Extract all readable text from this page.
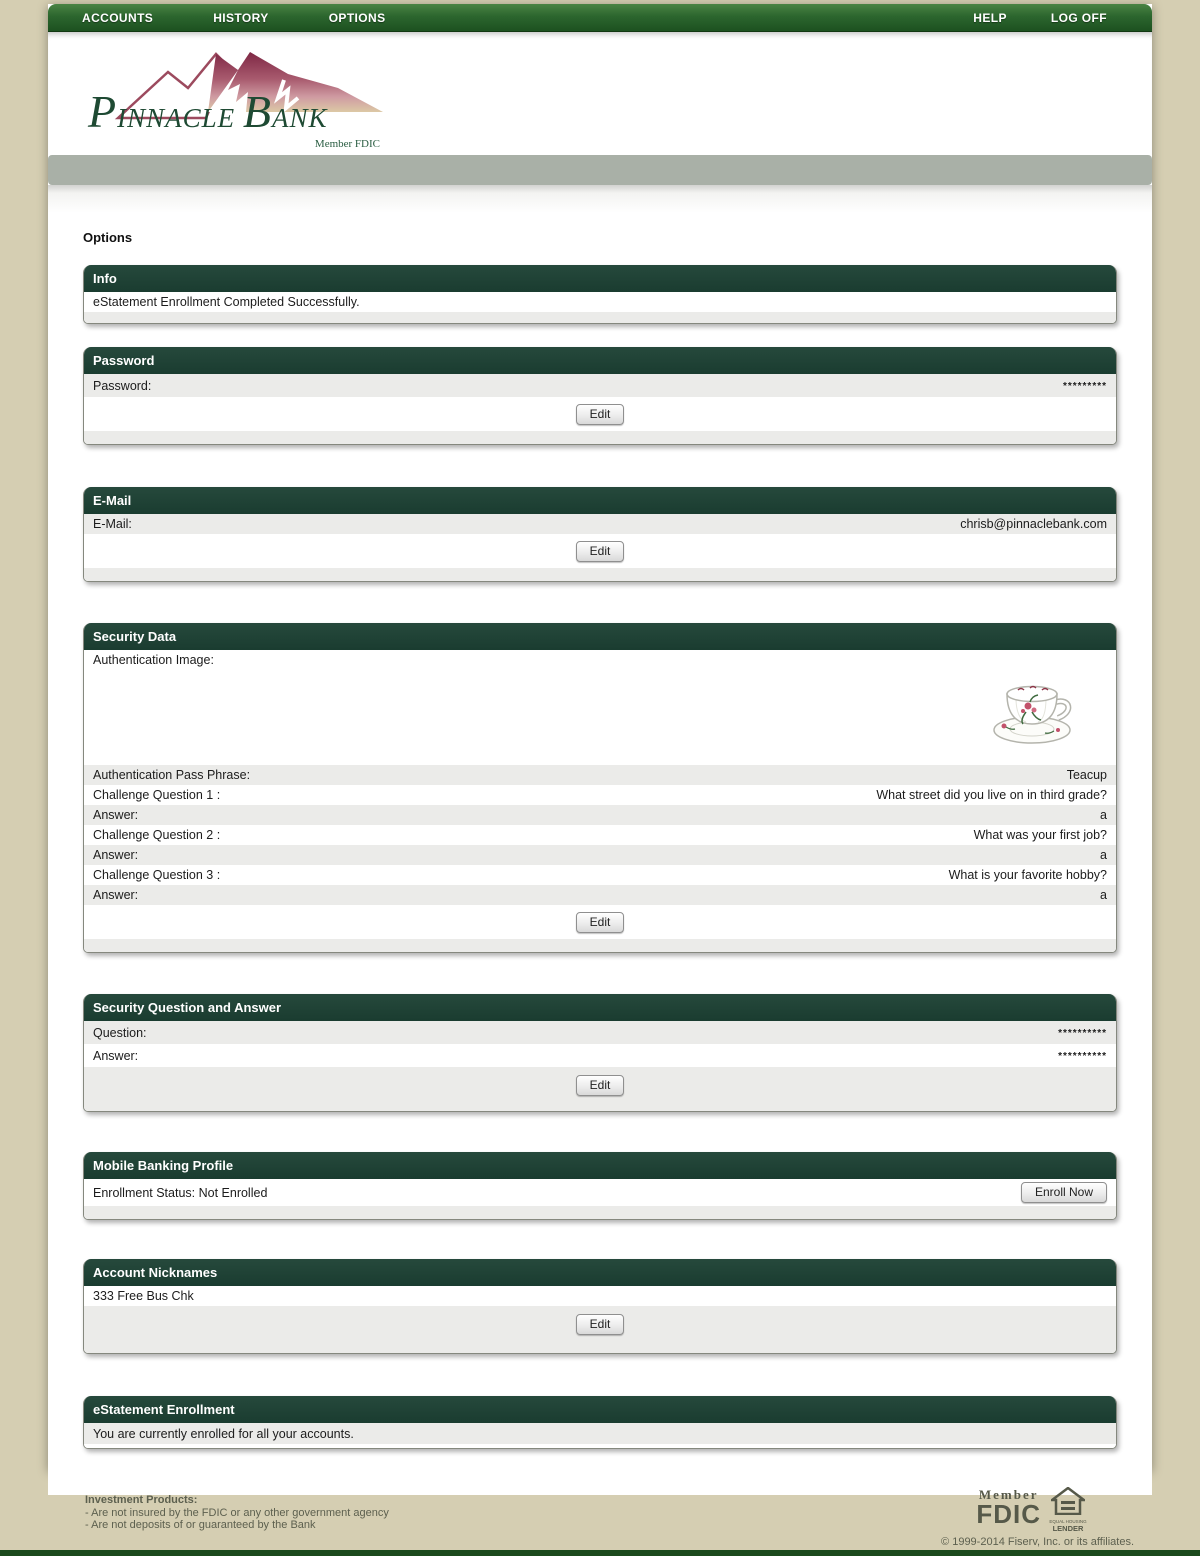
ACCOUNTS	HISTORY	OPTIONS	HELP	LOG OFF
PINNACLE BANK
Member FDIC
Options
Info
eStatement Enrollment Completed Successfully.
Password
Password:	*********
Edit
E-Mail
E-Mail:	chrisb@pinnaclebank.com
Edit
Security Data
Authentication Image:
Authentication Pass Phrase:	Teacup
Challenge Question 1 :	What street did you live on in third grade?
Answer:	a
Challenge Question 2 :	What was your first job?
Answer:	a
Challenge Question 3 :	What is your favorite hobby?
Answer:	a
Edit
Security Question and Answer
Question:	**********
Answer:	**********
Edit
Mobile Banking Profile
Enrollment Status: Not Enrolled	Enroll Now
Account Nicknames
333 Free Bus Chk
Edit
eStatement Enrollment
You are currently enrolled for all your accounts.
Investment Products:
- Are not insured by the FDIC or any other government agency
- Are not deposits of or guaranteed by the Bank
Member
FDIC EQUAL HOUSING
LENDER
© 1999-2014 Fiserv, Inc. or its affiliates.
